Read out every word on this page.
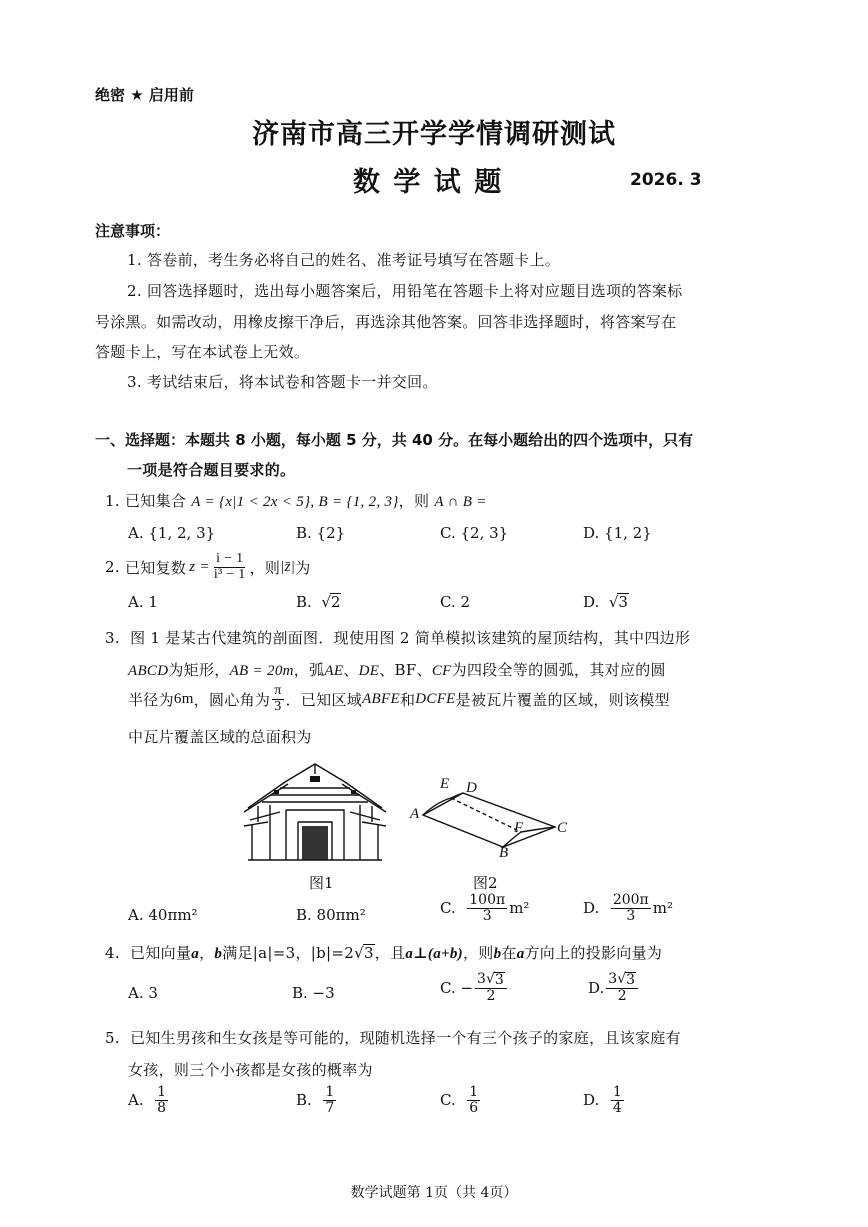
绝密 ★ 启用前
济南市高三开学学情调研测试
数 学 试 题	2026. 3
注意事项：
1. 答卷前，考生务必将自己的姓名、准考证号填写在答题卡上。
2. 回答选择题时，选出每小题答案后，用铅笔在答题卡上将对应题目选项的答案标
号涂黑。如需改动，用橡皮擦干净后，再选涂其他答案。回答非选择题时，将答案写在
答题卡上，写在本试卷上无效。
3. 考试结束后，将本试卷和答题卡一并交回。
一、选择题：本题共 8 小题，每小题 5 分，共 40 分。在每小题给出的四个选项中，只有
一项是符合题目要求的。
1. 已知集合 A = {x|1 < 2x < 5}, B = {1, 2, 3}，则 A ∩ B =
A. {1, 2, 3}	B. {2}	C. {2, 3}	D. {1, 2}
2.
已知复数 $z = \frac{i - 1}{\text{i³ − 1}}$ ，则 |z̄| 为
A. 1	B. √ 2	C. 2	D. √ 3
3. 图 1 是某古代建筑的剖面图．现使用图 2 简单模拟该建筑的屋顶结构，其中四边形
ABCD为矩形，AB = 20m，弧AE、DE、BF、CF为四段全等的圆弧，其对应的圆
半径为 6m ，圆心角为 $\frac{\pi}{3}$ ．已知区域 ABFE 和 DCFE 是被瓦片覆盖的区域，则该模型
中瓦片覆盖区域的总面积为
图1
E D
A
F C
B
图2
A. 40πm²	B. 80πm²	C.
$\frac{100\pi}{3} m^2$	D.
$\frac{200\pi}{3} m^2$
4. 已知向量a，b满足|a|=3，|b|=2√ 3 ，且a⊥(a+b)，则b在a方向上的投影向量为
A. 3	B. −3	C. − $\frac{3√ 3}{2}$	D. $\frac{3√ 3}{2}$
5. 已知生男孩和生女孩是等可能的，现随机选择一个有三个孩子的家庭，且该家庭有
女孩，则三个小孩都是女孩的概率为
A.
$\frac{1}{8}$	B.
$\frac{1}{7}$	C.
$\frac{1}{6}$	D.
$\frac{1}{4}$
数学试题第 1页（共 4页）
